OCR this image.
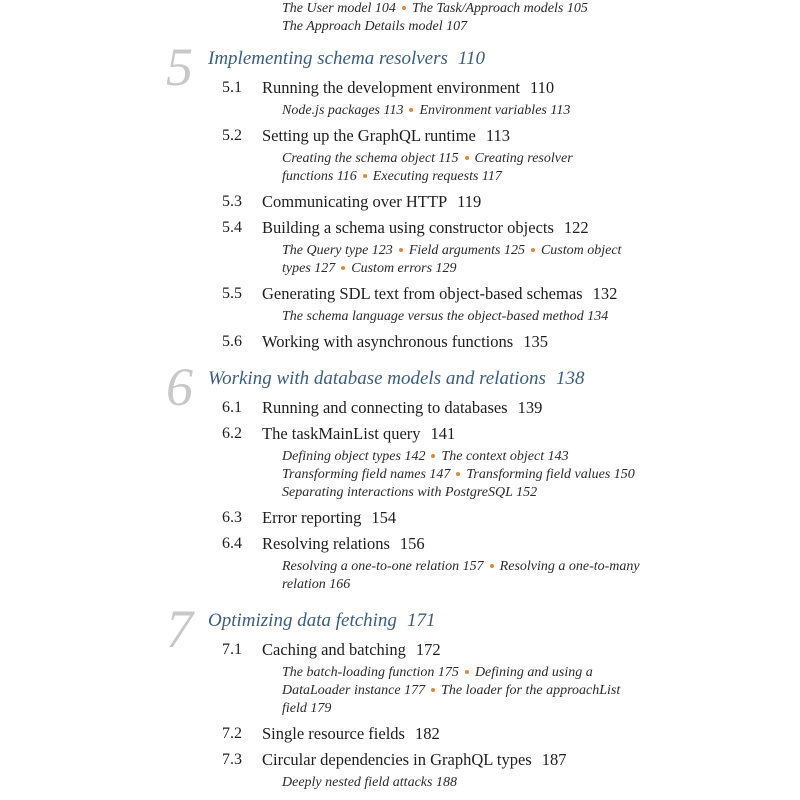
The User model 104 The Task/Approach models 105
The Approach Details model 107
5 Implementing schema resolvers 110
5.1 Running the development environment 110
Node.js packages 113 Environment variables 113
5.2 Setting up the GraphQL runtime 113
Creating the schema object 115 Creating resolver
functions 116 Executing requests 117
5.3 Communicating over HTTP 119
5.4 Building a schema using constructor objects 122
The Query type 123 Field arguments 125 Custom object
types 127 Custom errors 129
5.5 Generating SDL text from object-based schemas 132
The schema language versus the object-based method 134
5.6 Working with asynchronous functions 135
6 Working with database models and relations 138
6.1 Running and connecting to databases 139
6.2 The taskMainList query 141
Defining object types 142 The context object 143
Transforming field names 147 Transforming field values 150
Separating interactions with PostgreSQL 152
6.3 Error reporting 154
6.4 Resolving relations 156
Resolving a one-to-one relation 157 Resolving a one-to-many
relation 166
7 Optimizing data fetching 171
7.1 Caching and batching 172
The batch-loading function 175 Defining and using a
DataLoader instance 177 The loader for the approachList
field 179
7.2 Single resource fields 182
7.3 Circular dependencies in GraphQL types 187
Deeply nested field attacks 188
